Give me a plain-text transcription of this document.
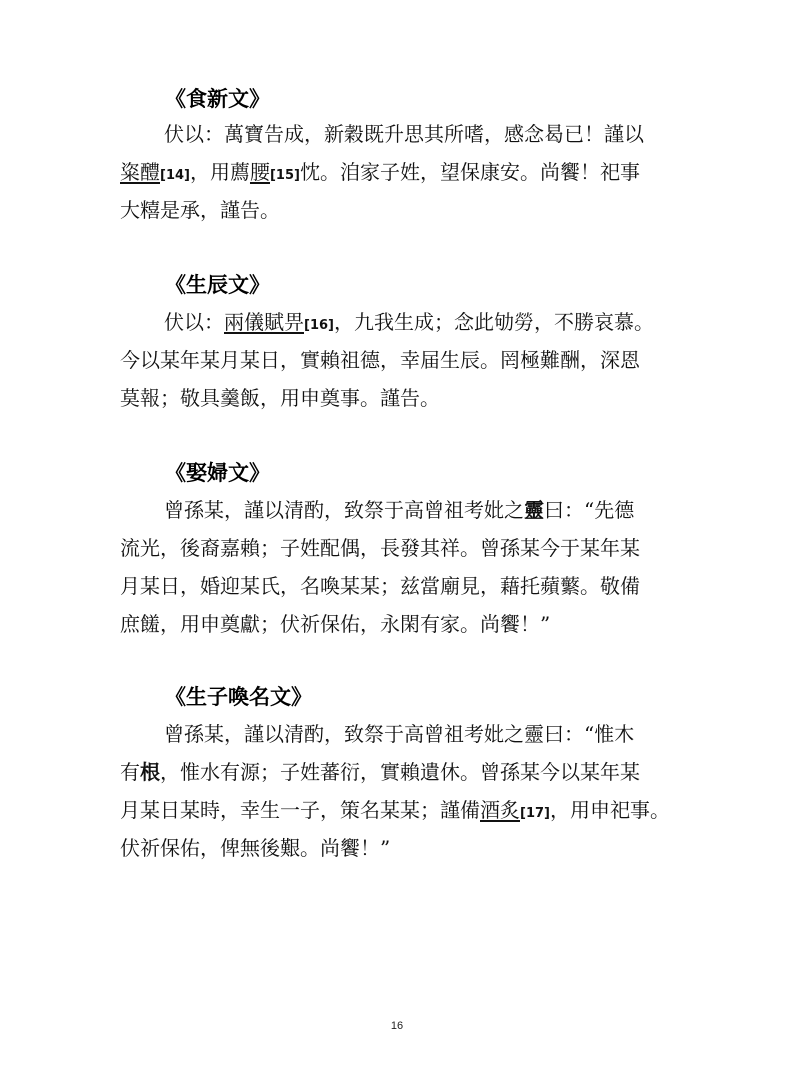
《食新文》
伏以：萬寶告成，新穀既升思其所嗜，感念曷已！謹以
粢醴[14]，用薦腰[15]忱。洎家子姓，望保康安。尚饗！祀事
大糦是承，謹告。
《生辰文》
伏以：兩儀賦畀[16]，九我生成；念此劬勞，不勝哀慕。
今以某年某月某日，實賴祖德，幸届生辰。罔極難酬，深恩
莫報；敬具羹飯，用申奠事。謹告。
《娶婦文》
曾孫某，謹以清酌，致祭于高曾祖考妣之靈曰：“先德
流光，後裔嘉賴；子姓配偶，長發其祥。曾孫某今于某年某
月某日，婚迎某氏，名喚某某；兹當廟見，藉托蘋蘩。敬備
庶饈，用申奠獻；伏祈保佑，永閑有家。尚饗！”
《生子喚名文》
曾孫某，謹以清酌，致祭于高曾祖考妣之靈曰：“惟木
有根，惟水有源；子姓蕃衍，實賴遺休。曾孫某今以某年某
月某日某時，幸生一子，策名某某；謹備酒炙[17]，用申祀事。
伏祈保佑，俾無後艱。尚饗！”
16
